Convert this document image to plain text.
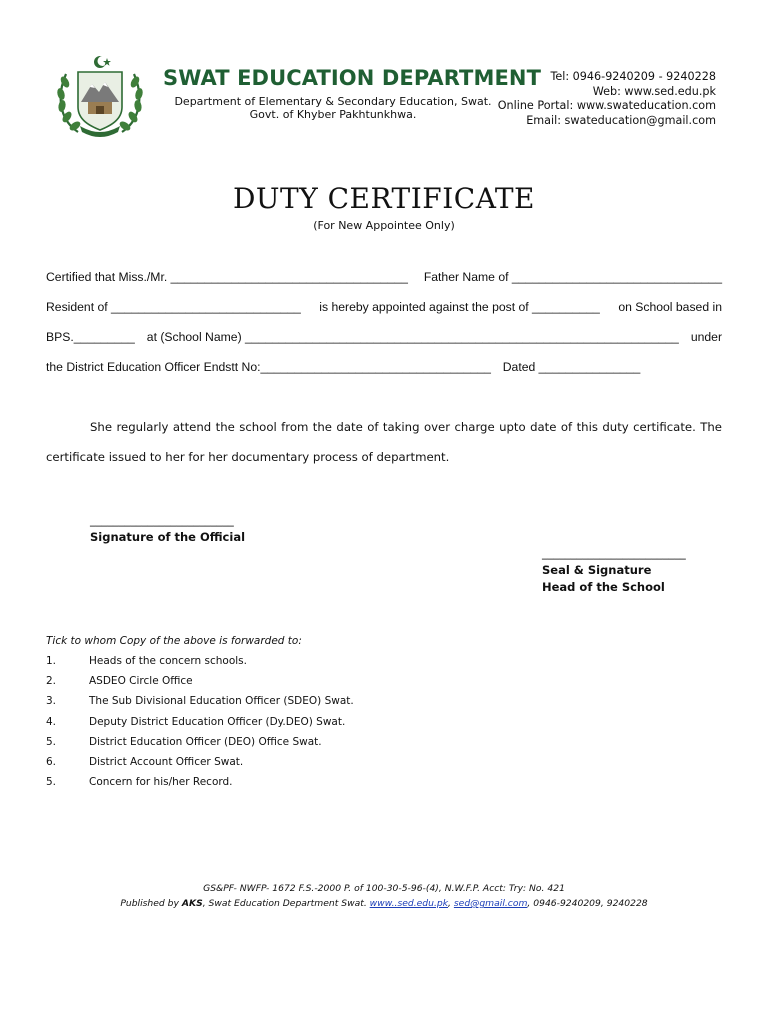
SWAT EDUCATION DEPARTMENT
Department of Elementary & Secondary Education, Swat.
Govt. of Khyber Pakhtunkhwa.
Tel: 0946-9240209 - 9240228
Web: www.sed.edu.pk
Online Portal: www.swateducation.com
Email: swateducation@gmail.com
DUTY CERTIFICATE
(For New Appointee Only)
Certified that Miss./Mr. ___________________________________ Father Name of _______________________________
Resident of ____________________________ is hereby appointed against the post of __________ on School based in
BPS._________ at (School Name) ________________________________________________________________ under
the District Education Officer Endstt No:__________________________________ Dated _______________
She regularly attend the school from the date of taking over charge upto date of this duty certificate. The certificate issued to her for her documentary process of department.
_________________________
Signature of the Official
_________________________
Seal & Signature
Head of the School
Tick to whom Copy of the above is forwarded to:
1.	Heads of the concern schools.
2.	ASDEO Circle Office
3.	The Sub Divisional Education Officer (SDEO) Swat.
4.	Deputy District Education Officer (Dy.DEO) Swat.
5.	District Education Officer (DEO) Office Swat.
6.	District Account Officer Swat.
5.	Concern for his/her Record.
GS&PF- NWFP- 1672 F.S.-2000 P. of 100-30-5-96-(4), N.W.F.P. Acct: Try: No. 421
Published by AKS, Swat Education Department Swat. www..sed.edu.pk, sed@gmail.com, 0946-9240209, 9240228
